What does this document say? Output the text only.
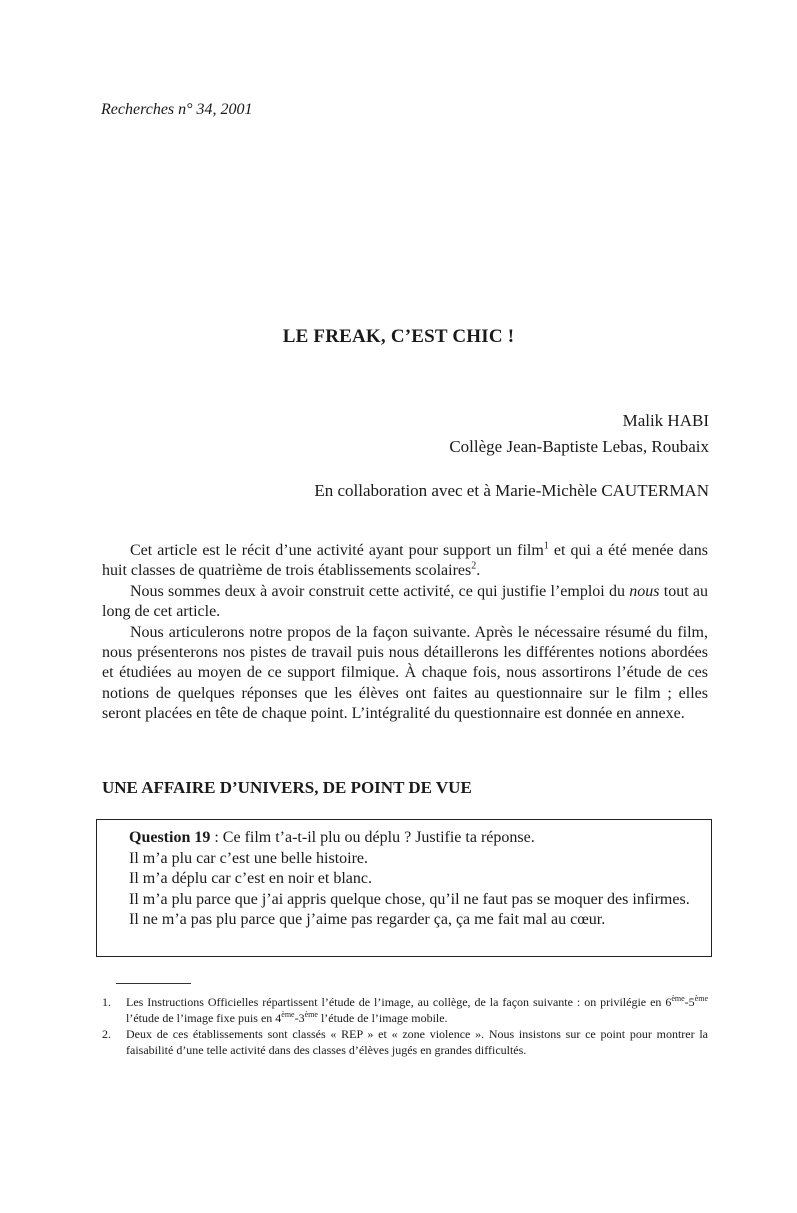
Recherches n° 34, 2001
LE FREAK, C’EST CHIC !
Malik HABI
Collège Jean-Baptiste Lebas, Roubaix
En collaboration avec et à Marie-Michèle CAUTERMAN

Cet article est le récit d’une activité ayant pour support un film$^1$ et qui a été menée dans huit classes de quatrième de trois établissements scolaires$^2$.

Nous sommes deux à avoir construit cette activité, ce qui justifie l’emploi du nous tout au long de cet article.

Nous articulerons notre propos de la façon suivante. Après le nécessaire résumé du film, nous présenterons nos pistes de travail puis nous détaillerons les différentes notions abordées et étudiées au moyen de ce support filmique. À chaque fois, nous assortirons l’étude de ces notions de quelques réponses que les élèves ont faites au questionnaire sur le film ; elles seront placées en tête de chaque point. L’intégralité du questionnaire est donnée en annexe.

UNE AFFAIRE D’UNIVERS, DE POINT DE VUE

Question 19 : Ce film t’a-t-il plu ou déplu ? Justifie ta réponse.

Il m’a plu car c’est une belle histoire.

Il m’a déplu car c’est en noir et blanc.

Il m’a plu parce que j’ai appris quelque chose, qu’il ne faut pas se moquer des infirmes.

Il ne m’a pas plu parce que j’aime pas regarder ça, ça me fait mal au cœur.

1. Les Instructions Officielles répartissent l’étude de l’image, au collège, de la façon suivante : on privilégie en 6ème-5ème l’étude de l’image fixe puis en 4ème-3ème l’étude de l’image mobile.
2. Deux de ces établissements sont classés « REP » et « zone violence ». Nous insistons sur ce point pour montrer la faisabilité d’une telle activité dans des classes d’élèves jugés en grandes difficultés.
